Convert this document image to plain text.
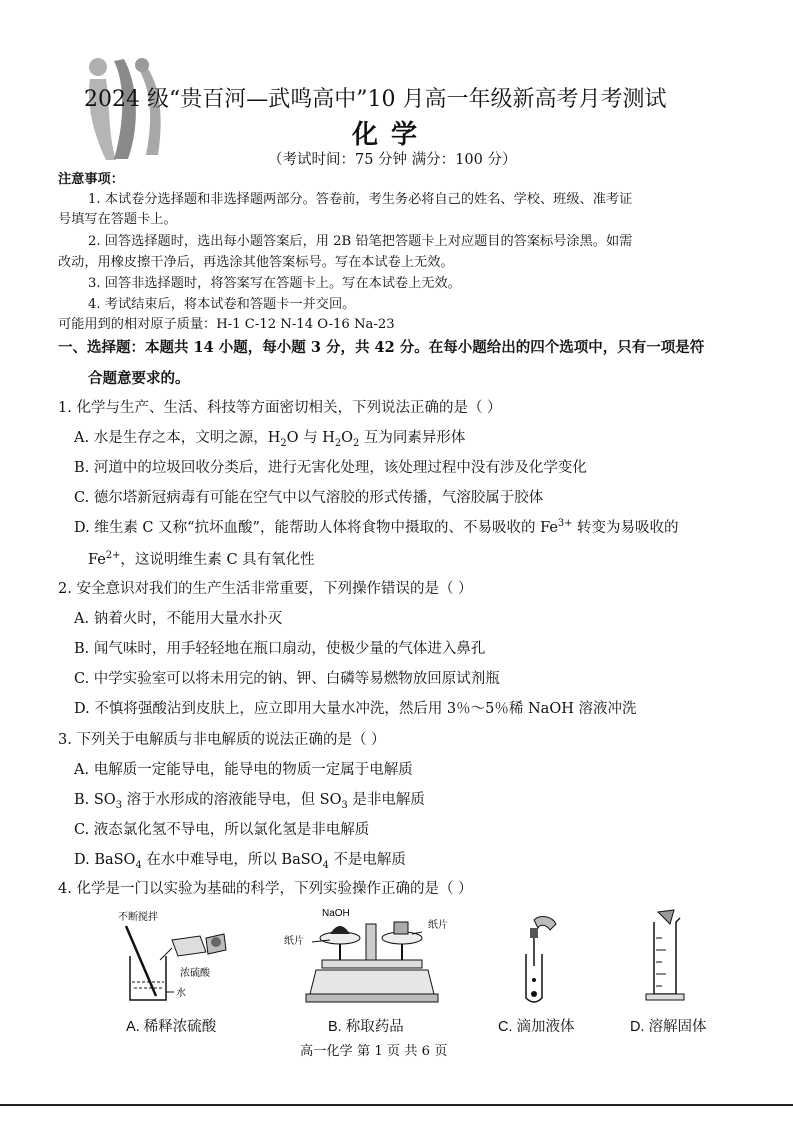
2024 级“贵百河—武鸣高中”10 月高一年级新高考月考测试
化 学
（考试时间：75 分钟 满分：100 分）
注意事项：
1. 本试卷分选择题和非选择题两部分。答卷前，考生务必将自己的姓名、学校、班级、准考证
号填写在答题卡上。
2. 回答选择题时，选出每小题答案后，用 2B 铅笔把答题卡上对应题目的答案标号涂黑。如需
改动，用橡皮擦干净后，再选涂其他答案标号。写在本试卷上无效。
3. 回答非选择题时，将答案写在答题卡上。写在本试卷上无效。
4. 考试结束后，将本试卷和答题卡一并交回。
可能用到的相对原子质量：H-1 C-12 N-14 O-16 Na-23
一、选择题：本题共 14 小题，每小题 3 分，共 42 分。在每小题给出的四个选项中，只有一项是符
合题意要求的。
1. 化学与生产、生活、科技等方面密切相关，下列说法正确的是（ ）
A. 水是生存之本，文明之源，$H_2O$ 与 $H_2O_2$ 互为同素异形体
B. 河道中的垃圾回收分类后，进行无害化处理，该处理过程中没有涉及化学变化
C. 德尔塔新冠病毒有可能在空气中以气溶胶的形式传播，气溶胶属于胶体
D. 维生素 C 又称“抗坏血酸”，能帮助人体将食物中摄取的、不易吸收的 $Fe^{3+}$ 转变为易吸收的
$Fe^{2+}$，这说明维生素 C 具有氧化性
2. 安全意识对我们的生产生活非常重要，下列操作错误的是（ ）
A. 钠着火时，不能用大量水扑灭
B. 闻气味时，用手轻轻地在瓶口扇动，使极少量的气体进入鼻孔
C. 中学实验室可以将未用完的钠、钾、白磷等易燃物放回原试剂瓶
D. 不慎将强酸沾到皮肤上，应立即用大量水冲洗，然后用 3％～5％稀 NaOH 溶液冲洗
3. 下列关于电解质与非电解质的说法正确的是（ ）
A. 电解质一定能导电，能导电的物质一定属于电解质
B. $SO_3$ 溶于水形成的溶液能导电，但 $SO_3$ 是非电解质
C. 液态氯化氢不导电，所以氯化氢是非电解质
D. BaSO$_4$ 在水中难导电，所以 BaSO$_4$ 不是电解质
4. 化学是一门以实验为基础的科学，下列实验操作正确的是（ ）
不断搅拌
浓硫酸
水
NaOH
纸片
纸片
A. 稀释浓硫酸	B. 称取药品	C. 滴加液体	D. 溶解固体
高一化学 第 1 页 共 6 页
